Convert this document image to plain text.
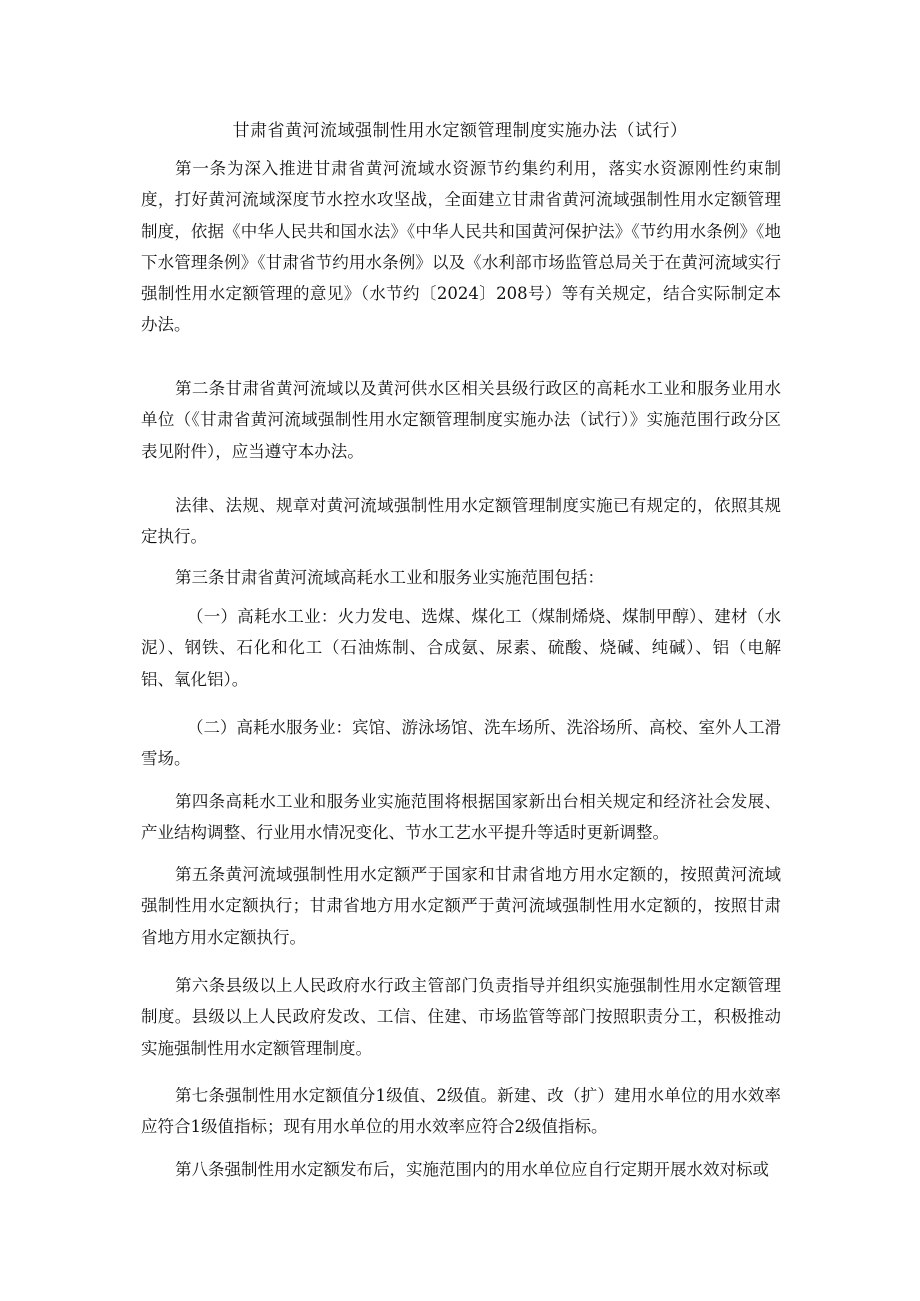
甘肃省黄河流域强制性用水定额管理制度实施办法（试行）

第一条为深入推进甘肃省黄河流域水资源节约集约利用，落实水资源刚性约束制度，打好黄河流域深度节水控水攻坚战，全面建立甘肃省黄河流域强制性用水定额管理制度，依据《中华人民共和国水法》《中华人民共和国黄河保护法》《节约用水条例》《地下水管理条例》《甘肃省节约用水条例》以及《水利部市场监管总局关于在黄河流域实行强制性用水定额管理的意见》（水节约〔2024〕208号）等有关规定，结合实际制定本办法。

第二条甘肃省黄河流域以及黄河供水区相关县级行政区的高耗水工业和服务业用水单位（《甘肃省黄河流域强制性用水定额管理制度实施办法（试行）》实施范围行政分区表见附件），应当遵守本办法。

法律、法规、规章对黄河流域强制性用水定额管理制度实施已有规定的，依照其规定执行。

第三条甘肃省黄河流域高耗水工业和服务业实施范围包括：

（一）高耗水工业：火力发电、选煤、煤化工（煤制烯烧、煤制甲醇）、建材（水泥）、钢铁、石化和化工（石油炼制、合成氨、尿素、硫酸、烧碱、纯碱）、铝（电解铝、氧化铝）。

（二）高耗水服务业：宾馆、游泳场馆、洗车场所、洗浴场所、高校、室外人工滑雪场。

第四条高耗水工业和服务业实施范围将根据国家新出台相关规定和经济社会发展、产业结构调整、行业用水情况变化、节水工艺水平提升等适时更新调整。

第五条黄河流域强制性用水定额严于国家和甘肃省地方用水定额的，按照黄河流域强制性用水定额执行；甘肃省地方用水定额严于黄河流域强制性用水定额的，按照甘肃省地方用水定额执行。

第六条县级以上人民政府水行政主管部门负责指导并组织实施强制性用水定额管理制度。县级以上人民政府发改、工信、住建、市场监管等部门按照职责分工，积极推动实施强制性用水定额管理制度。

第七条强制性用水定额值分1级值、2级值。新建、改（扩）建用水单位的用水效率应符合1级值指标；现有用水单位的用水效率应符合2级值指标。

第八条强制性用水定额发布后，实施范围内的用水单位应自行定期开展水效对标或
